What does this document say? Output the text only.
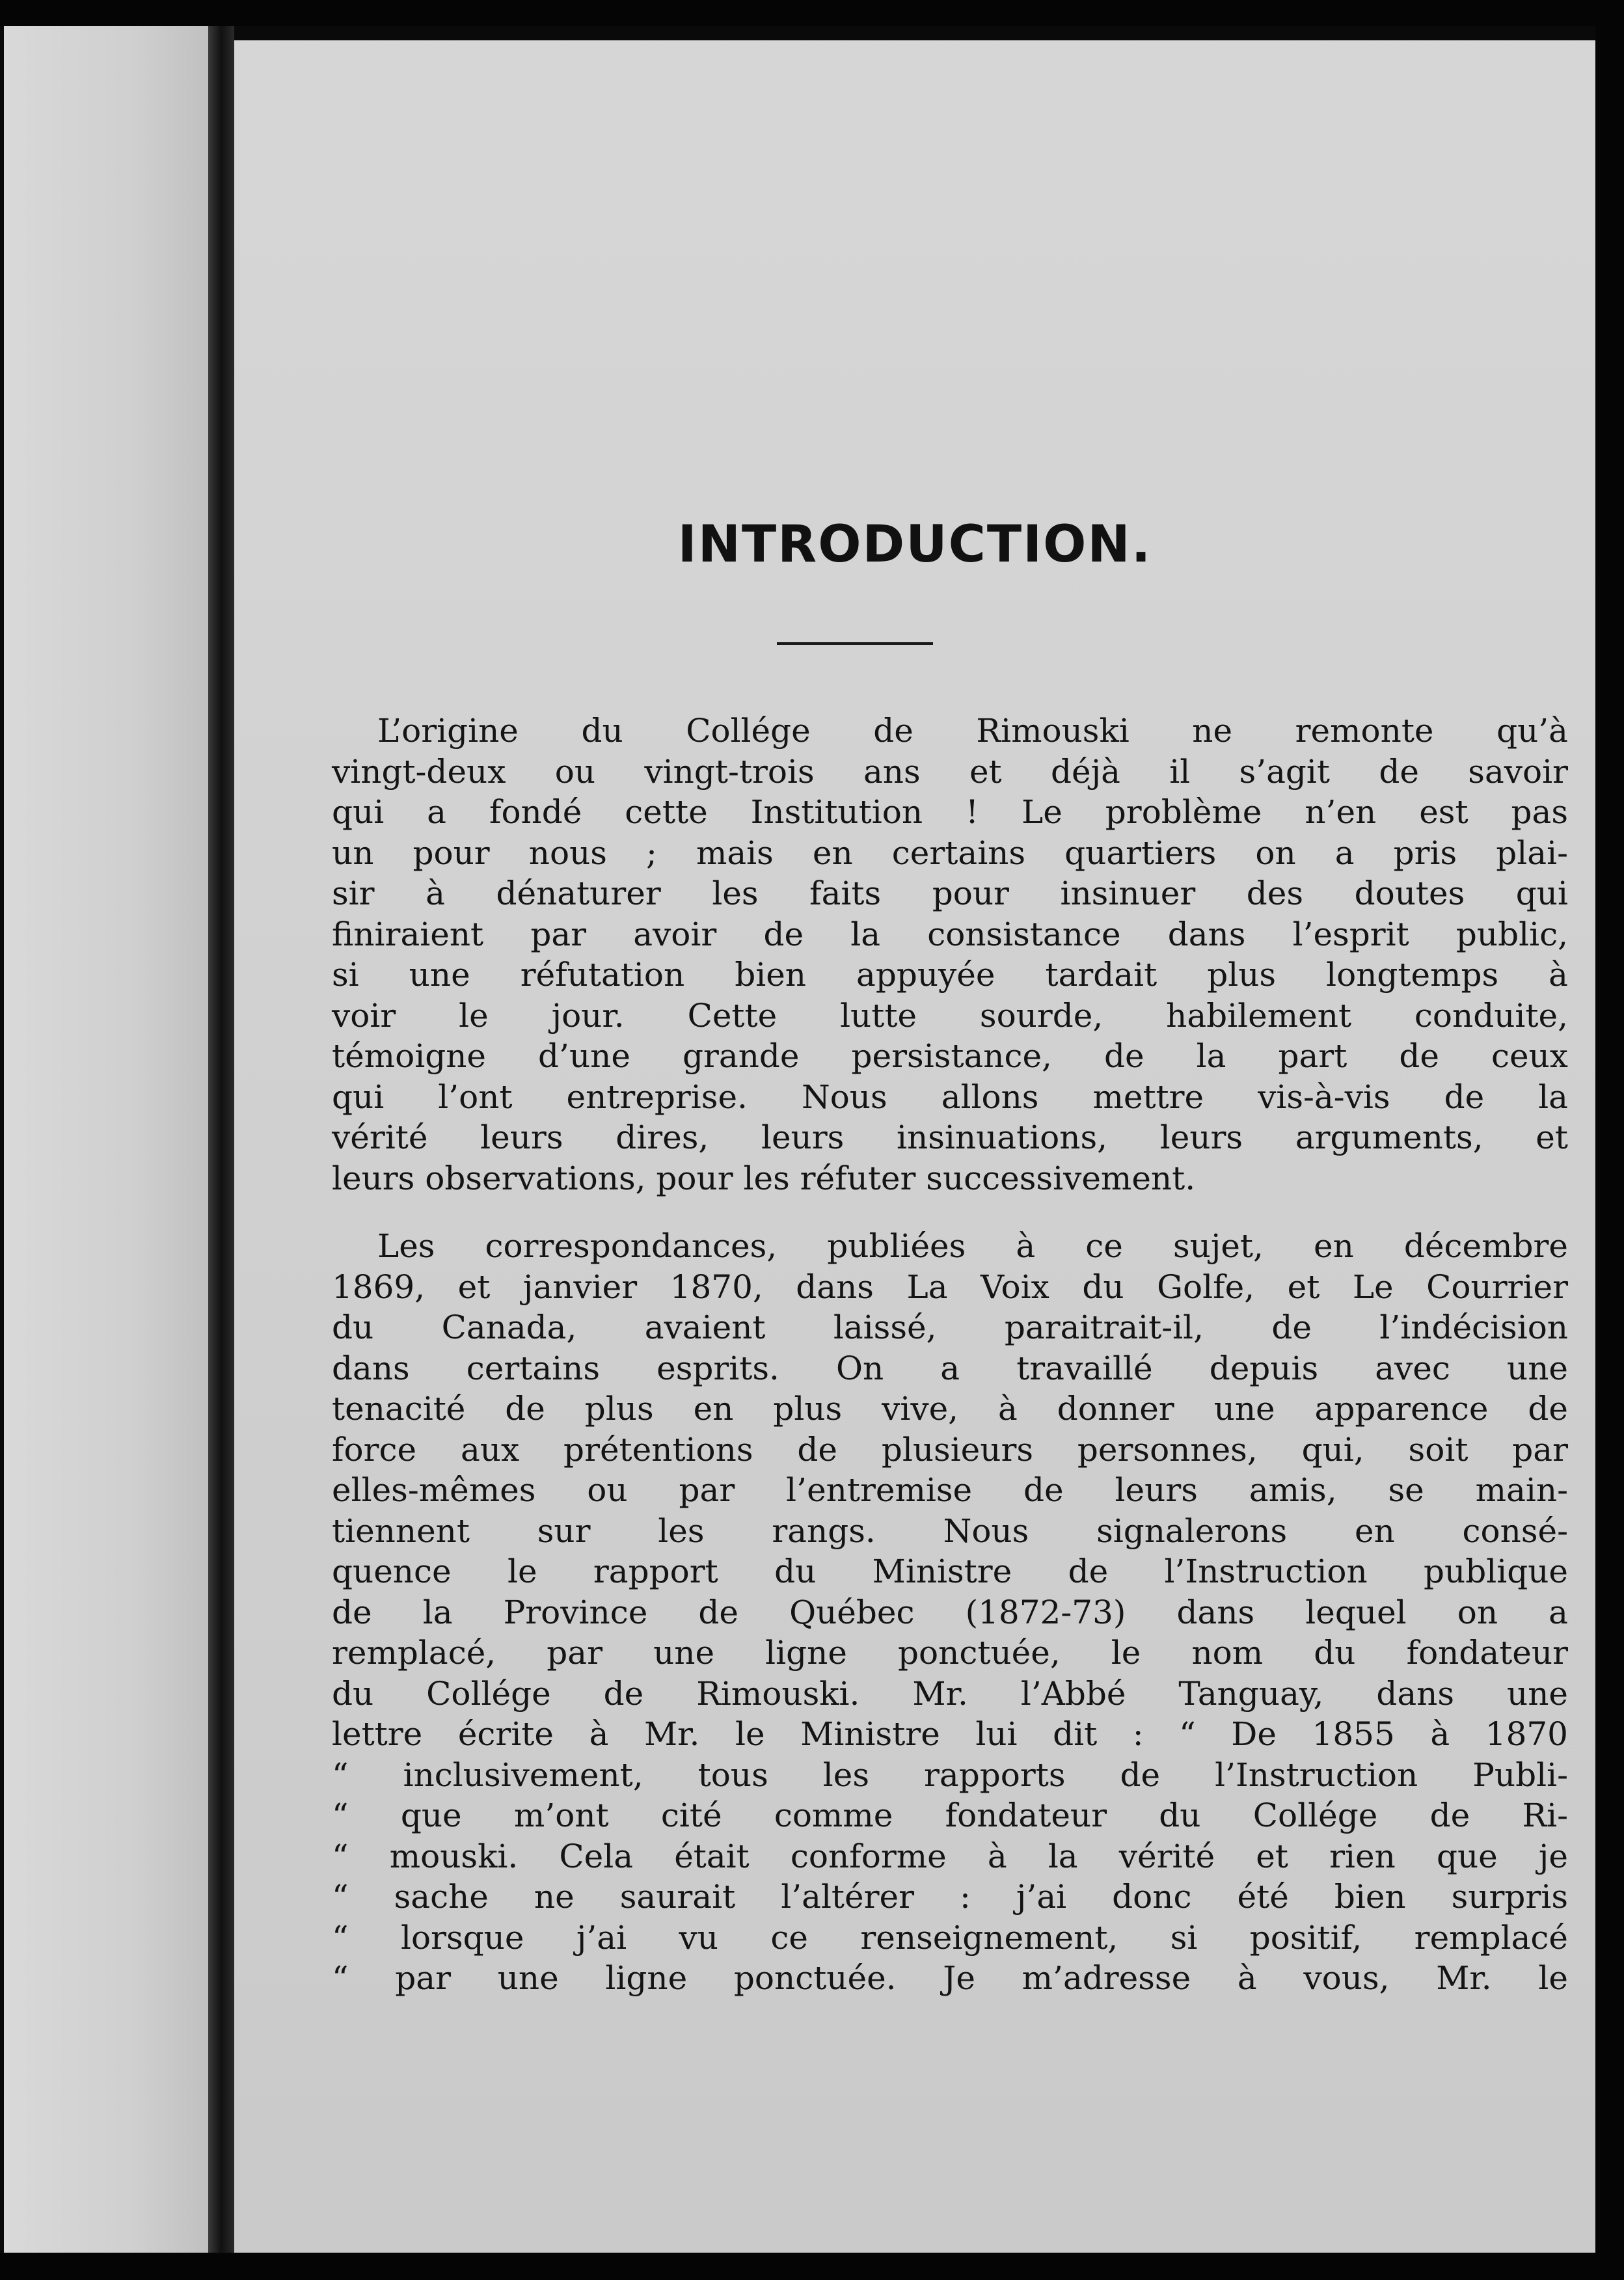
INTRODUCTION.

L’origine du Collége de Rimouski ne remonte qu’à
vingt-deux ou vingt-trois ans et déjà il s’agit de savoir
qui a fondé cette Institution ! Le problème n’en est pas
un pour nous ; mais en certains quartiers on a pris plai-
sir à dénaturer les faits pour insinuer des doutes qui
finiraient par avoir de la consistance dans l’esprit public,
si une réfutation bien appuyée tardait plus longtemps à
voir le jour. Cette lutte sourde, habilement conduite,
témoigne d’une grande persistance, de la part de ceux
qui l’ont entreprise. Nous allons mettre vis-à-vis de la
vérité leurs dires, leurs insinuations, leurs arguments, et
leurs observations, pour les réfuter successivement.

Les correspondances, publiées à ce sujet, en décembre
1869, et janvier 1870, dans La Voix du Golfe, et Le Courrier
du Canada, avaient laissé, paraitrait-il, de l’indécision
dans certains esprits. On a travaillé depuis avec une
tenacité de plus en plus vive, à donner une apparence de
force aux prétentions de plusieurs personnes, qui, soit par
elles-mêmes ou par l’entremise de leurs amis, se main-
tiennent sur les rangs. Nous signalerons en consé-
quence le rapport du Ministre de l’Instruction publique
de la Province de Québec (1872-73) dans lequel on a
remplacé, par une ligne ponctuée, le nom du fondateur
du Collége de Rimouski. Mr. l’Abbé Tanguay, dans une
lettre écrite à Mr. le Ministre lui dit : “ De 1855 à 1870
“ inclusivement, tous les rapports de l’Instruction Publi-
“ que m’ont cité comme fondateur du Collége de Ri-
“ mouski. Cela était conforme à la vérité et rien que je
“ sache ne saurait l’altérer : j’ai donc été bien surpris
“ lorsque j’ai vu ce renseignement, si positif, remplacé
“ par une ligne ponctuée. Je m’adresse à vous, Mr. le
